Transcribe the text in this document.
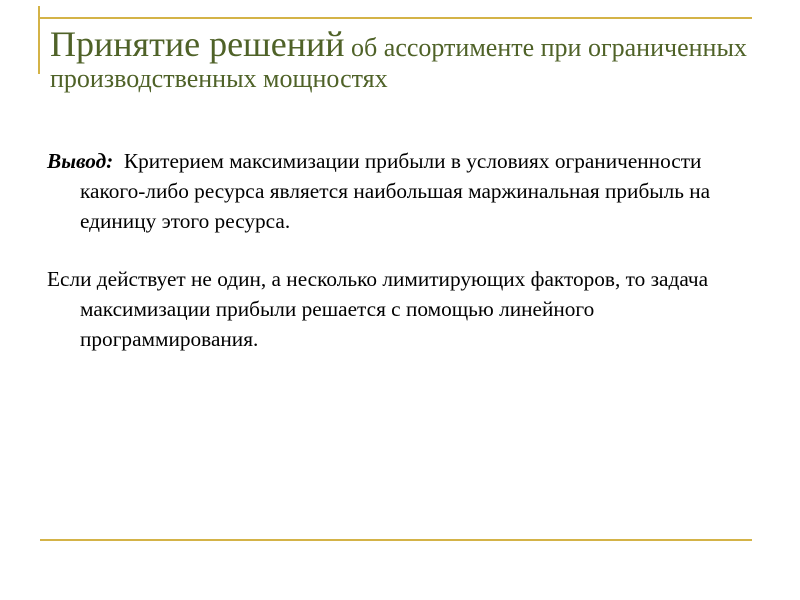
Принятие решений об ассортименте при ограниченных производственных мощностях

Вывод:  Критерием максимизации прибыли в условиях ограниченности какого-либо ресурса является наибольшая маржинальная прибыль на единицу этого ресурса.

Если действует не один, а несколько лимитирующих факторов, то задача максимизации прибыли решается с помощью линейного программирования.
